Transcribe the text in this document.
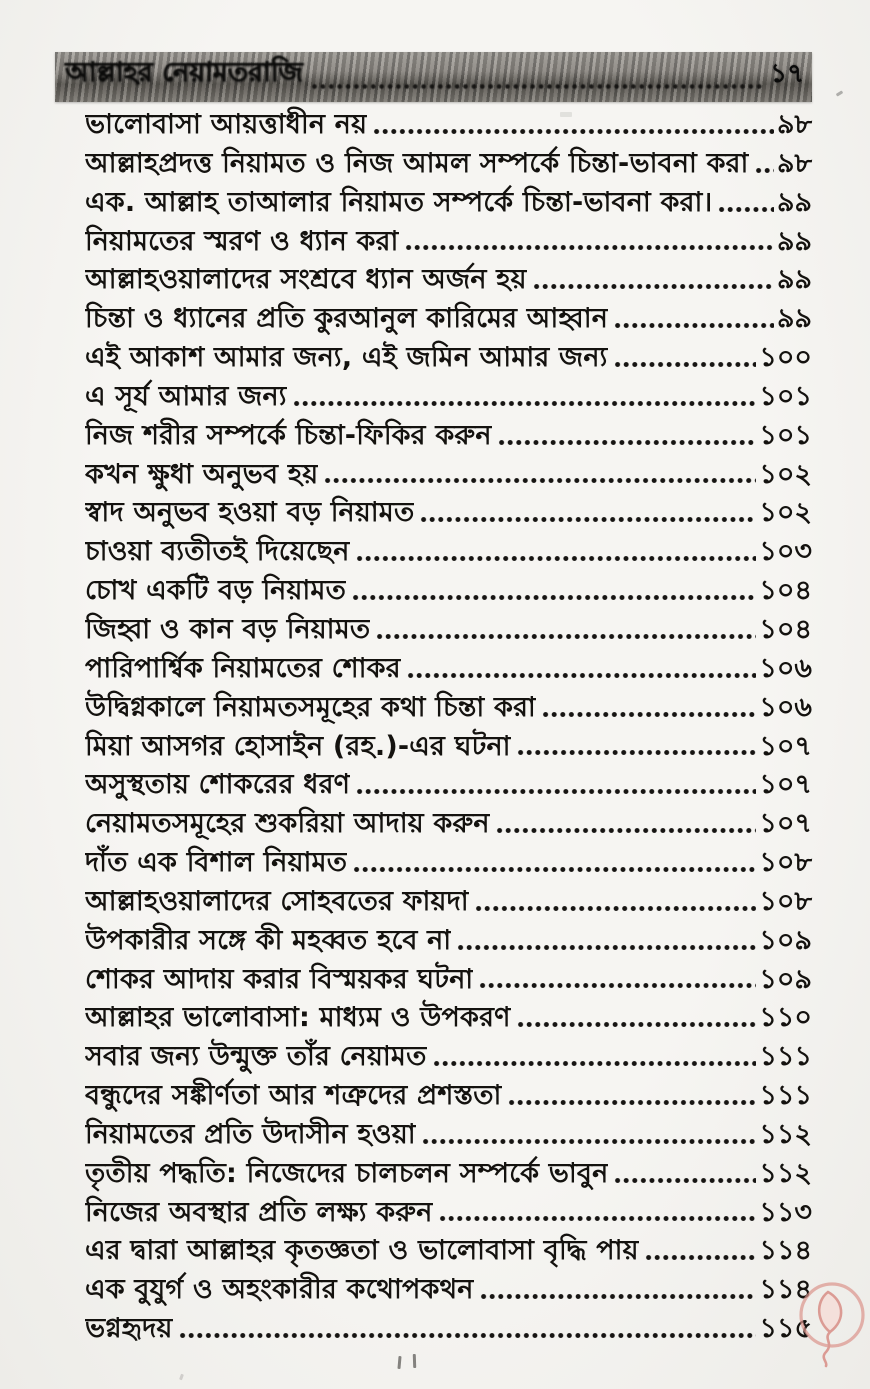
আল্লাহর নেয়ামতরাজি	১৭
ভালোবাসা আয়ত্তাধীন নয়	৯৮
আল্লাহপ্রদত্ত নিয়ামত ও নিজ আমল সম্পর্কে চিন্তা-ভাবনা করা ৯৮
এক. আল্লাহ তাআলার নিয়ামত সম্পর্কে চিন্তা-ভাবনা করা। ৯৯
নিয়ামতের স্মরণ ও ধ্যান করা	৯৯
আল্লাহওয়ালাদের সংশ্রবে ধ্যান অর্জন হয়	৯৯
চিন্তা ও ধ্যানের প্রতি কুরআনুল কারিমের আহ্বান	৯৯
এই আকাশ আমার জন্য, এই জমিন আমার জন্য	১০০
এ সূর্য আমার জন্য	১০১
নিজ শরীর সম্পর্কে চিন্তা-ফিকির করুন	১০১
কখন ক্ষুধা অনুভব হয়	১০২
স্বাদ অনুভব হওয়া বড় নিয়ামত	১০২
চাওয়া ব্যতীতই দিয়েছেন	১০৩
চোখ একটি বড় নিয়ামত	১০৪
জিহ্বা ও কান বড় নিয়ামত	১০৪
পারিপার্শ্বিক নিয়ামতের শোকর	১০৬
উদ্বিগ্নকালে নিয়ামতসমূহের কথা চিন্তা করা	১০৬
মিয়া আসগর হোসাইন (রহ.)-এর ঘটনা	১০৭
অসুস্থতায় শোকরের ধরণ	১০৭
নেয়ামতসমূহের শুকরিয়া আদায় করুন	১০৭
দাঁত এক বিশাল নিয়ামত	১০৮
আল্লাহওয়ালাদের সোহবতের ফায়দা	১০৮
উপকারীর সঙ্গে কী মহব্বত হবে না	১০৯
শোকর আদায় করার বিস্ময়কর ঘটনা	১০৯
আল্লাহর ভালোবাসা: মাধ্যম ও উপকরণ	১১০
সবার জন্য উন্মুক্ত তাঁর নেয়ামত	১১১
বন্ধুদের সঙ্কীর্ণতা আর শত্রুদের প্রশস্ততা	১১১
নিয়ামতের প্রতি উদাসীন হওয়া	১১২
তৃতীয় পদ্ধতি: নিজেদের চালচলন সম্পর্কে ভাবুন	১১২
নিজের অবস্থার প্রতি লক্ষ্য করুন	১১৩
এর দ্বারা আল্লাহর কৃতজ্ঞতা ও ভালোবাসা বৃদ্ধি পায়	১১৪
এক বুযুর্গ ও অহংকারীর কথোপকথন	১১৪
ভগ্নহৃদয়	১১৫
